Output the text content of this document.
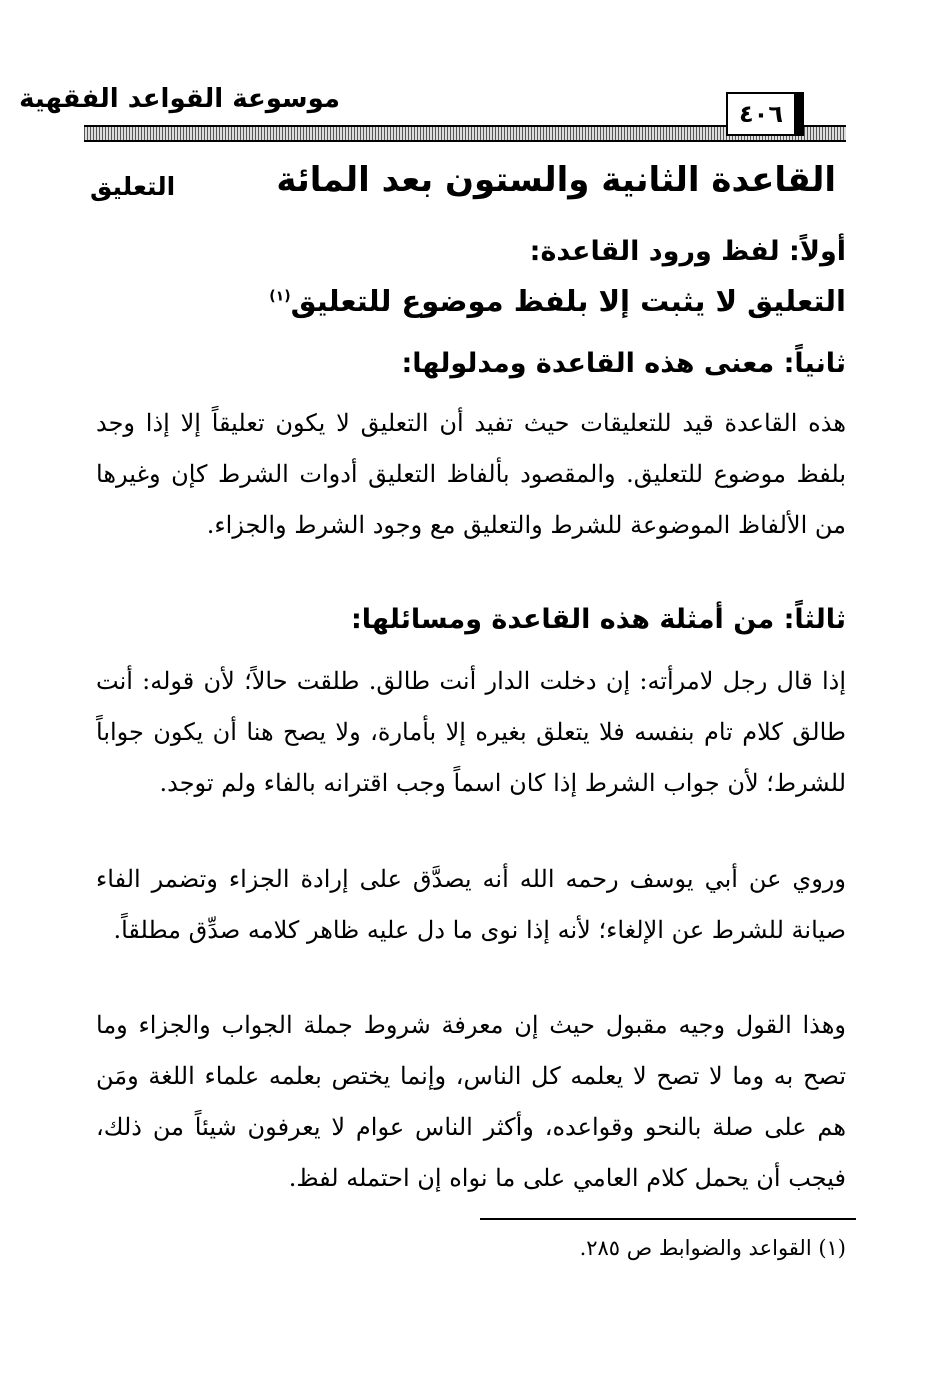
موسوعة القواعد الفقهية	٤٠٦
القاعدة الثانية والستون بعد المائة
التعليق
أولاً: لفظ ورود القاعدة:
التعليق لا يثبت إلا بلفظ موضوع للتعليق$^{(١)}$
ثانياً: معنى هذه القاعدة ومدلولها:

هذه القاعدة قيد للتعليقات حيث تفيد أن التعليق لا يكون تعليقاً إلا إذا وجد بلفظ موضوع للتعليق. والمقصود بألفاظ التعليق أدوات الشرط كإن وغيرها من الألفاظ الموضوعة للشرط والتعليق مع وجود الشرط والجزاء.

ثالثاً: من أمثلة هذه القاعدة ومسائلها:

إذا قال رجل لامرأته: إن دخلت الدار أنت طالق. طلقت حالاً؛ لأن قوله: أنت طالق كلام تام بنفسه فلا يتعلق بغيره إلا بأمارة، ولا يصح هنا أن يكون جواباً للشرط؛ لأن جواب الشرط إذا كان اسماً وجب اقترانه بالفاء ولم توجد.

وروي عن أبي يوسف رحمه الله أنه يصدَّق على إرادة الجزاء وتضمر الفاء صيانة للشرط عن الإلغاء؛ لأنه إذا نوى ما دل عليه ظاهر كلامه صدِّق مطلقاً.

وهذا القول وجيه مقبول حيث إن معرفة شروط جملة الجواب والجزاء وما تصح به وما لا تصح لا يعلمه كل الناس، وإنما يختص بعلمه علماء اللغة ومَن هم على صلة بالنحو وقواعده، وأكثر الناس عوام لا يعرفون شيئاً من ذلك، فيجب أن يحمل كلام العامي على ما نواه إن احتمله لفظ.

(١) القواعد والضوابط ص ٢٨٥.
